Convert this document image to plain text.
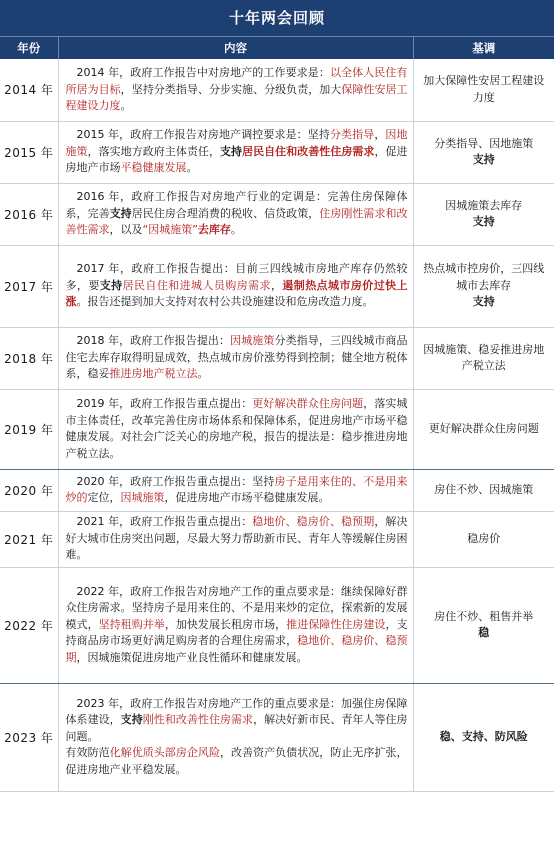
十年两会回顾
年份	内容	基调
2014 年	2014 年，政府工作报告中对房地产的工作要求是：以全体人民住有所居为目标，坚持分类指导、分步实施、分级负责，加大保障性安居工程建设力度。	加大保障性安居工程建设力度

2015 年	2015 年，政府工作报告对房地产调控要求是：坚持分类指导，因地施策，落实地方政府主体责任，支持居民自住和改善性住房需求，促进房地产市场平稳健康发展。	分类指导、因地施策
支持

2016 年	2016 年，政府工作报告对房地产行业的定调是：完善住房保障体系，完善支持居民住房合理消费的税收、信贷政策，住房刚性需求和改善性需求，以及“因城施策”去库存。	因城施策去库存
支持

2017 年	2017 年，政府工作报告提出：目前三四线城市房地产库存仍然较多，要支持居民自住和进城人员购房需求，遏制热点城市房价过快上涨。报告还提到加大支持对农村公共设施建设和危房改造力度。	热点城市控房价，三四线城市去库存
支持

2018 年	2018 年，政府工作报告提出：因城施策分类指导，三四线城市商品住宅去库存取得明显成效，热点城市房价涨势得到控制；健全地方税体系，稳妥推进房地产税立法。	因城施策、稳妥推进房地产税立法

2019 年	2019 年，政府工作报告重点提出：更好解决群众住房问题，落实城市主体责任，改革完善住房市场体系和保障体系，促进房地产市场平稳健康发展。对社会广泛关心的房地产税，报告的提法是：稳步推进房地产税立法。	更好解决群众住房问题

2020 年	2020 年，政府工作报告重点提出：坚持房子是用来住的、不是用来炒的定位，因城施策，促进房地产市场平稳健康发展。	房住不炒、因城施策

2021 年	2021 年，政府工作报告重点提出：稳地价、稳房价、稳预期，解决好大城市住房突出问题，尽最大努力帮助新市民、青年人等缓解住房困难。	稳房价

2022 年	2022 年，政府工作报告对房地产工作的重点要求是：继续保障好群众住房需求。坚持房子是用来住的、不是用来炒的定位，探索新的发展模式，坚持租购并举，加快发展长租房市场，推进保障性住房建设，支持商品房市场更好满足购房者的合理住房需求，稳地价、稳房价、稳预期，因城施策促进房地产业良性循环和健康发展。	房住不炒、租售并举
稳

2023 年	2023 年，政府工作报告对房地产工作的重点要求是：加强住房保障体系建设，支持刚性和改善性住房需求，解决好新市民、青年人等住房问题。
有效防范化解优质头部房企风险，改善资产负债状况，防止无序扩张，促进房地产业平稳发展。	稳、支持、防风险
